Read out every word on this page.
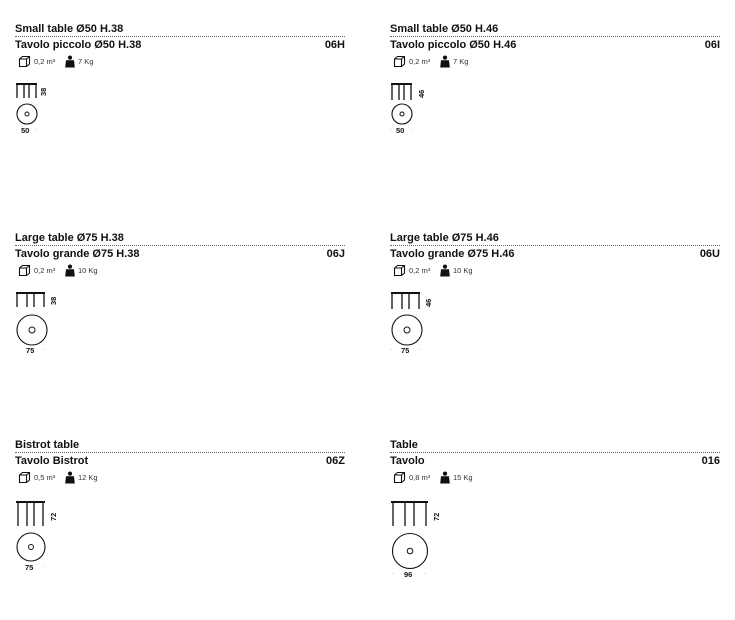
Small table Ø50 H.38
Tavolo piccolo Ø50 H.38	06H
0,2 m³	7 Kg
38
· 50 ·
Small table Ø50 H.46
Tavolo piccolo Ø50 H.46	06I
0,2 m³	7 Kg
46
· 50 ·
Large table Ø75 H.38
Tavolo grande Ø75 H.38	06J
0,2 m³	10 Kg
38
· 75 ·
Large table Ø75 H.46
Tavolo grande Ø75 H.46	06U
0,2 m³	10 Kg
46
· 75 ·
Bistrot table
Tavolo Bistrot	06Z
0,5 m³	12 Kg
72
· 75 ·
Table
Tavolo	016
0,8 m³	15 Kg
72
· 96 ·
